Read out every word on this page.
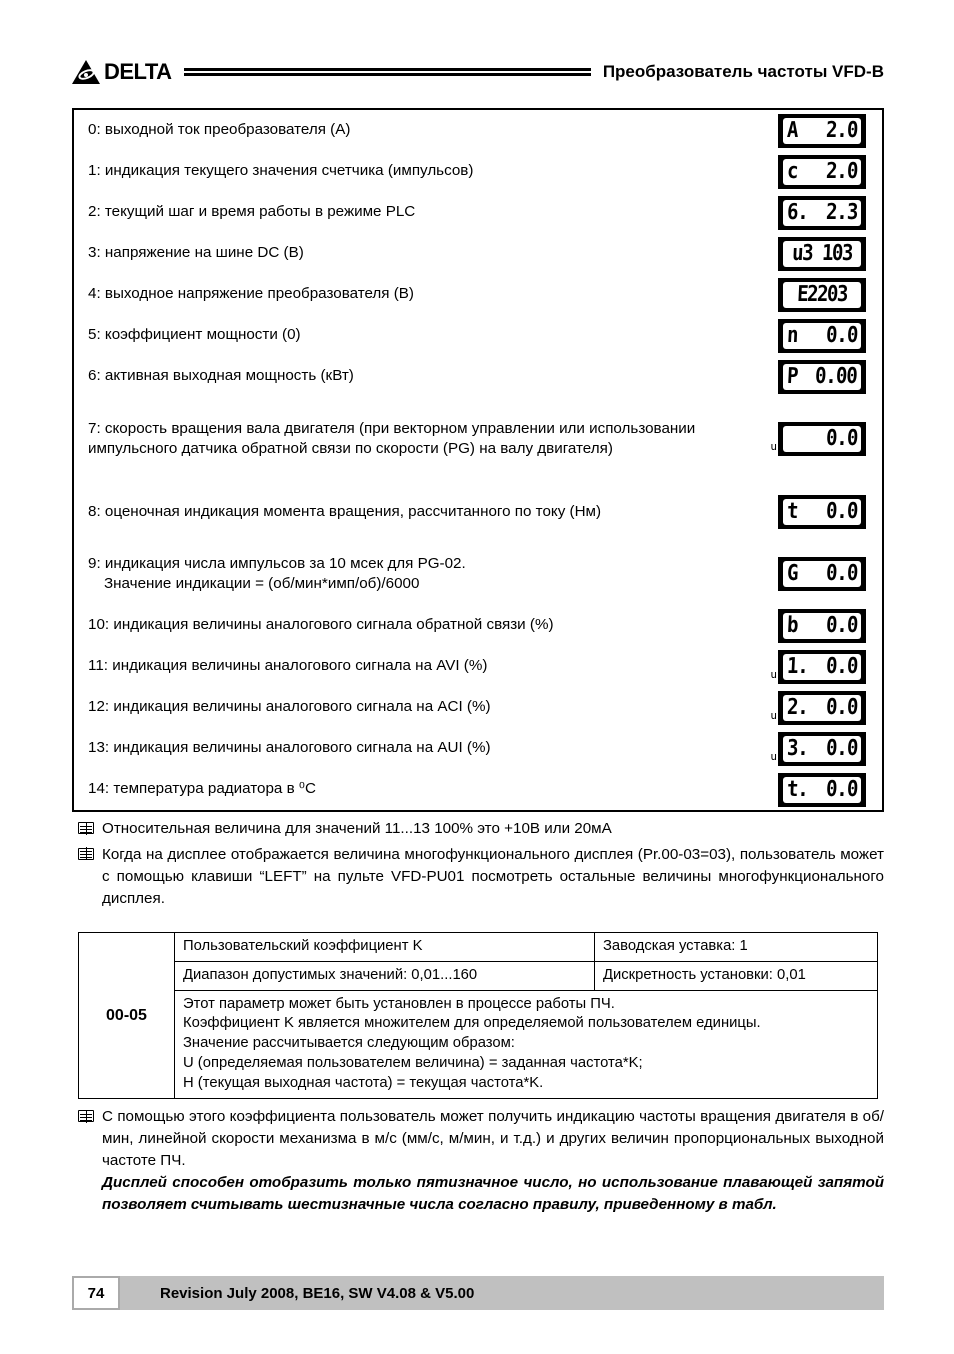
DELTA	Преобразователь частоты VFD-B
0: выходной ток преобразователя (A)	A 2.0
1: индикация текущего значения счетчика (импульсов)	c 2.0
2: текущий шаг и время работы в режиме PLC	6. 2.3
3: напряжение на шине DC (B)	u3 103
4: выходное напряжение преобразователя (B)	E2203
5: коэффициент мощности (0)	n 0.0
6: активная выходная мощность (кВт)	P 0.00
7: скорость вращения вала двигателя (при векторном управлении или использовании импульсного датчика обратной связи по скорости (PG) на валу двигателя)	u	0.0
8: оценочная индикация момента вращения, рассчитанного по току (Нм)	t 0.0
9: индикация числа импульсов за 10 мсек для PG-02.
Значение индикации = (об/мин*имп/об)/6000	G 0.0
10: индикация величины аналогового сигнала обратной связи (%)	b 0.0
11: индикация величины аналогового сигнала на AVI (%)	u 1. 0.0
12: индикация величины аналогового сигнала на ACI (%)	u 2. 0.0
13: индикация величины аналогового сигнала на AUI (%)	u 3. 0.0
14: температура радиатора в ⁰C	t. 0.0
Относительная величина для значений 11...13 100% это +10В или 20мА
Когда на дисплее отображается величина многофункционального дисплея (Pr.00-03=03), пользователь может с помощью клавиши “LEFT” на пульте VFD-PU01 посмотреть остальные величины многофункционального дисплея.
00-05	Пользовательский коэффициент K	Заводская уставка: 1
	Диапазон допустимых значений: 0,01...160	Дискретность установки: 0,01

	Этот параметр может быть установлен в процессе работы ПЧ.
Коэффициент K является множителем для определяемой пользователем единицы.
Значение рассчитывается следующим образом:
U (определяемая пользователем величина) = заданная частота*K;
H (текущая выходная частота) = текущая частота*K.	

С помощью этого коэффициента пользователь может получить индикацию частоты вращения двигателя в об/мин, линейной скорости механизма в м/с (мм/с, м/мин, и т.д.) и других величин пропорциональных выходной частоте ПЧ.

Дисплей способен отобразить только пятизначное число, но использование плавающей запятой позволяет считывать шестизначные числа согласно правилу, приведенному в табл.

74	Revision July 2008, BE16, SW V4.08 & V5.00
